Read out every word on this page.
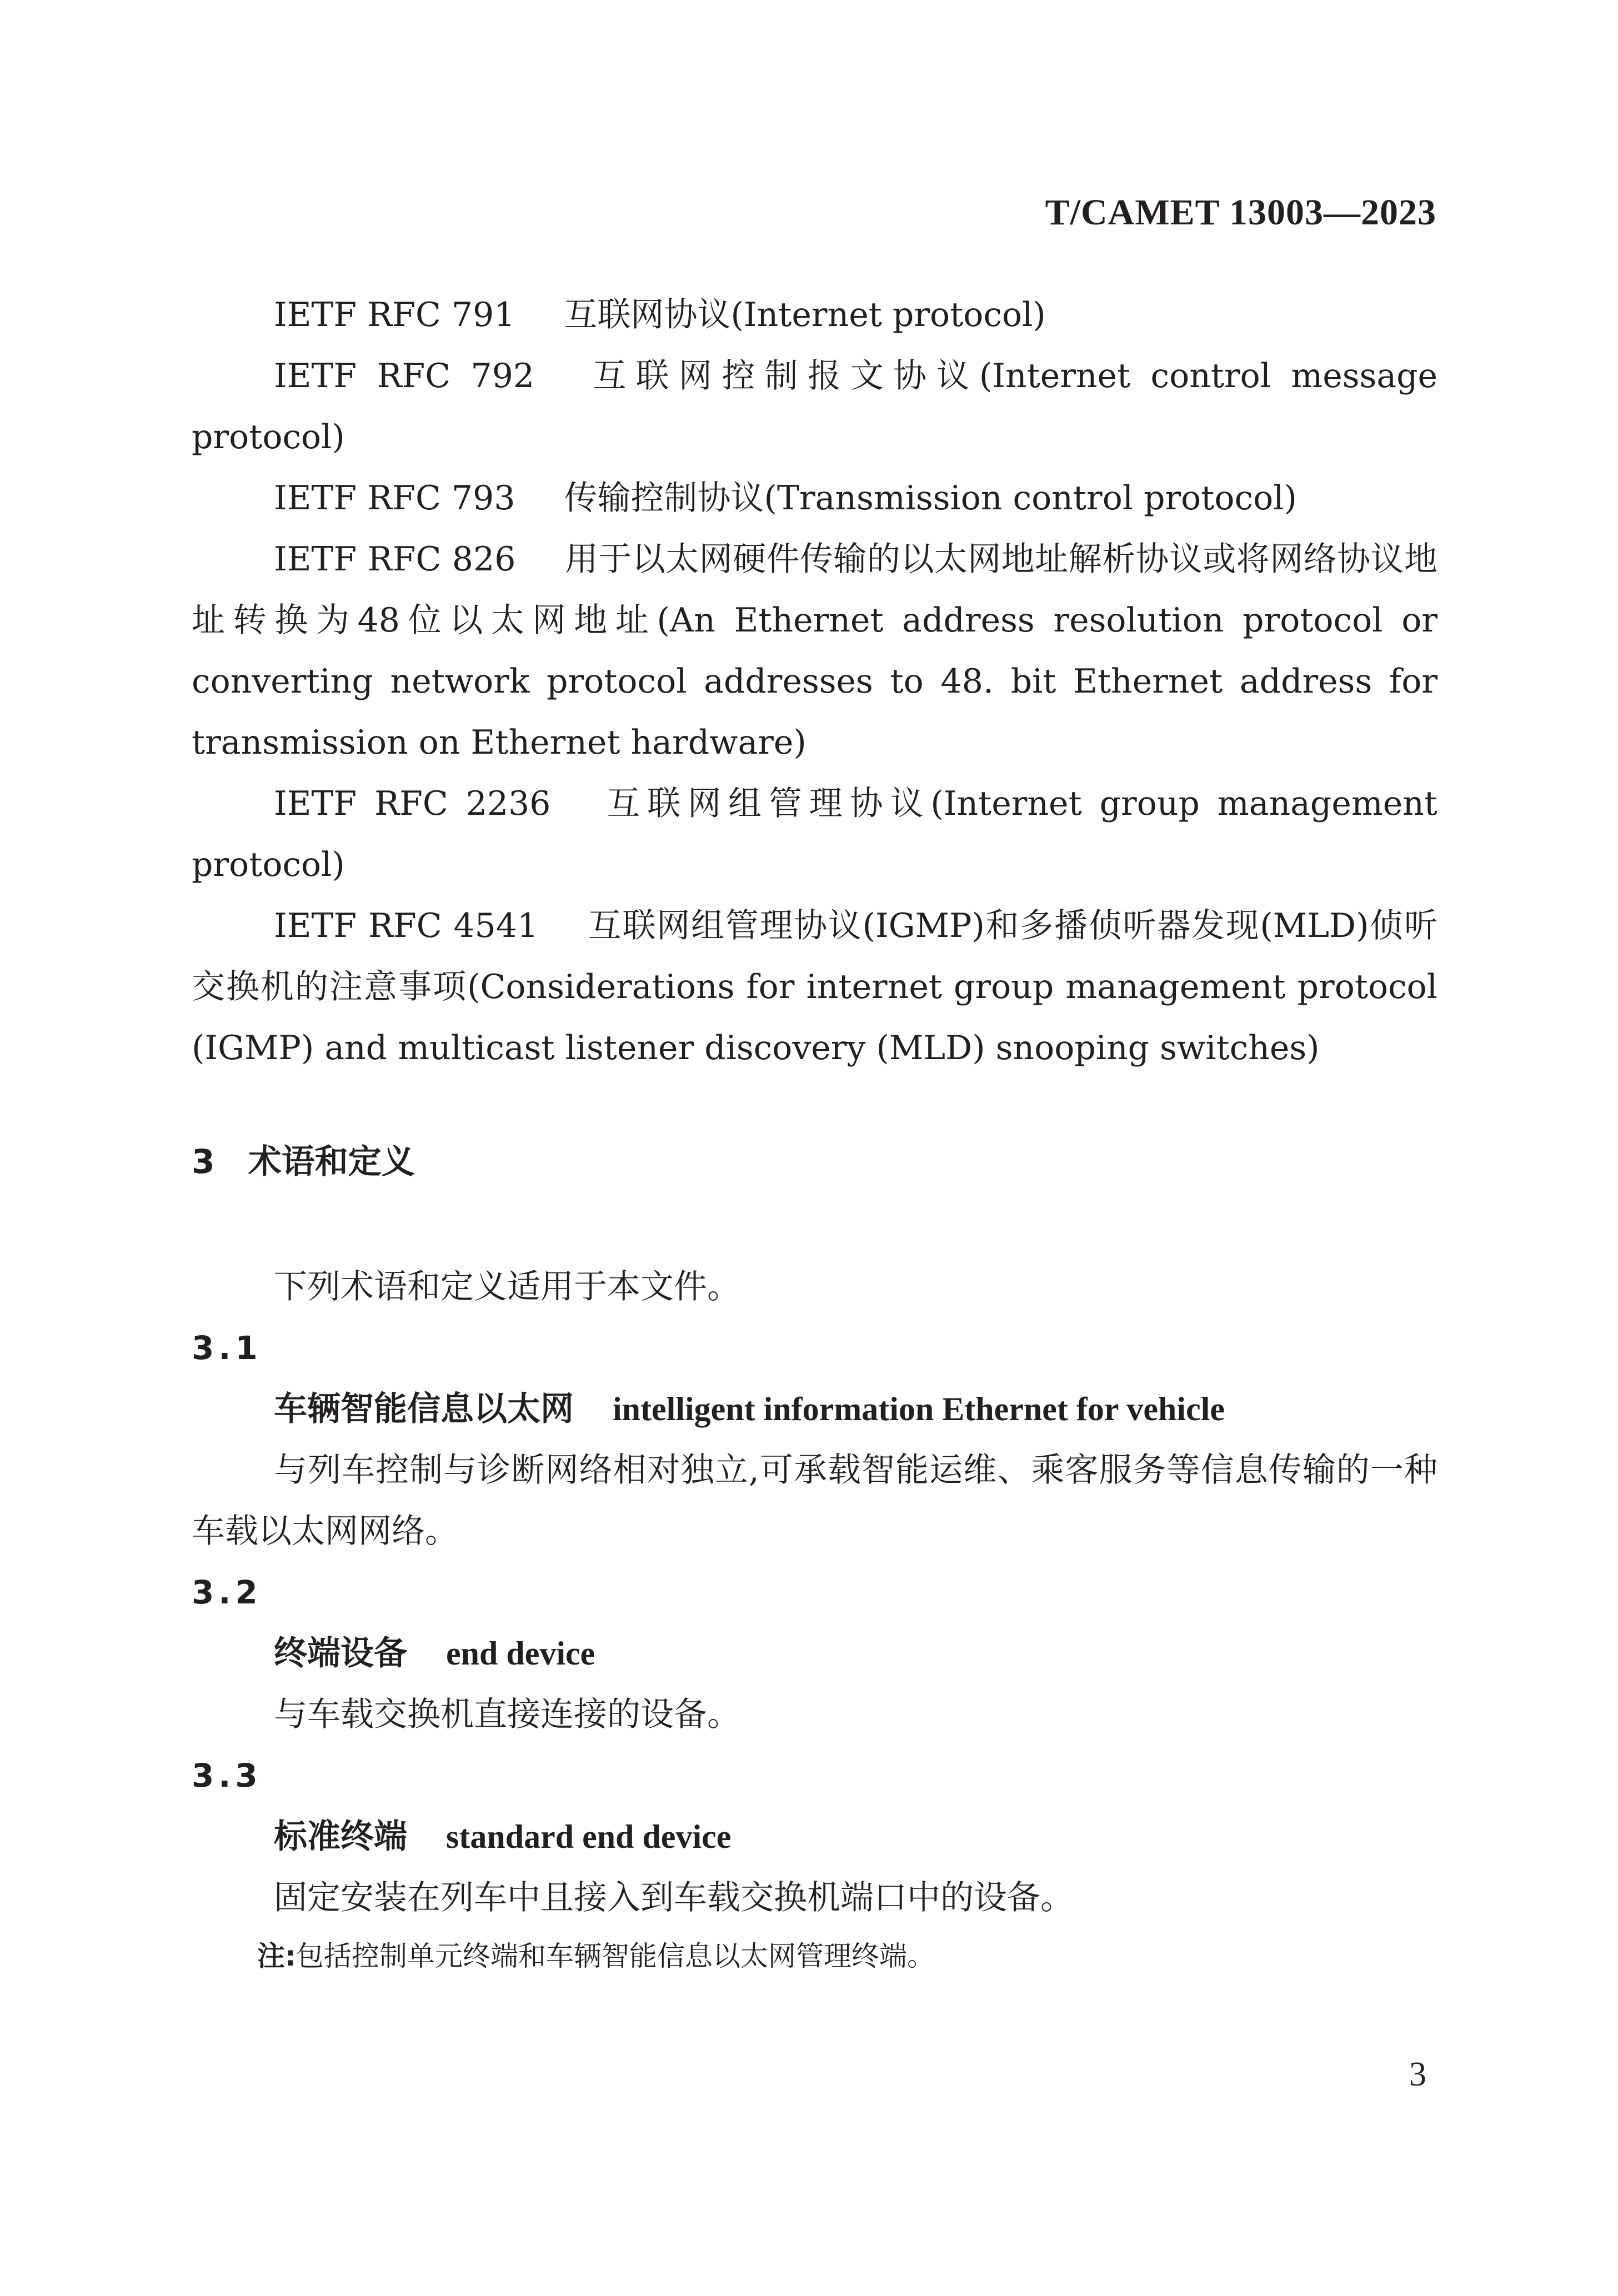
T/CAMET 13003—2023

IETF RFC 791 互联网协议(Internet protocol)

IETF RFC 792 互联网控制报文协议(Internet control message protocol)

IETF RFC 793 传输控制协议(Transmission control protocol)

IETF RFC 826 用于以太网硬件传输的以太网地址解析协议或将网络协议地址转换为48位以太网地址(An Ethernet address resolution protocol or converting network protocol addresses to 48. bit Ethernet address for transmission on Ethernet hardware)

IETF RFC 2236 互联网组管理协议(Internet group management protocol)

IETF RFC 4541 互联网组管理协议(IGMP)和多播侦听器发现(MLD)侦听交换机的注意事项(Considerations for internet group management protocol (IGMP) and multicast listener discovery (MLD) snooping switches)

3 术语和定义

下列术语和定义适用于本文件。

3.1

车辆智能信息以太网 intelligent information Ethernet for vehicle

与列车控制与诊断网络相对独立,可承载智能运维、乘客服务等信息传输的一种车载以太网网络。

3.2

终端设备 end device

与车载交换机直接连接的设备。

3.3

标准终端 standard end device

固定安装在列车中且接入到车载交换机端口中的设备。

注:包括控制单元终端和车辆智能信息以太网管理终端。

3
